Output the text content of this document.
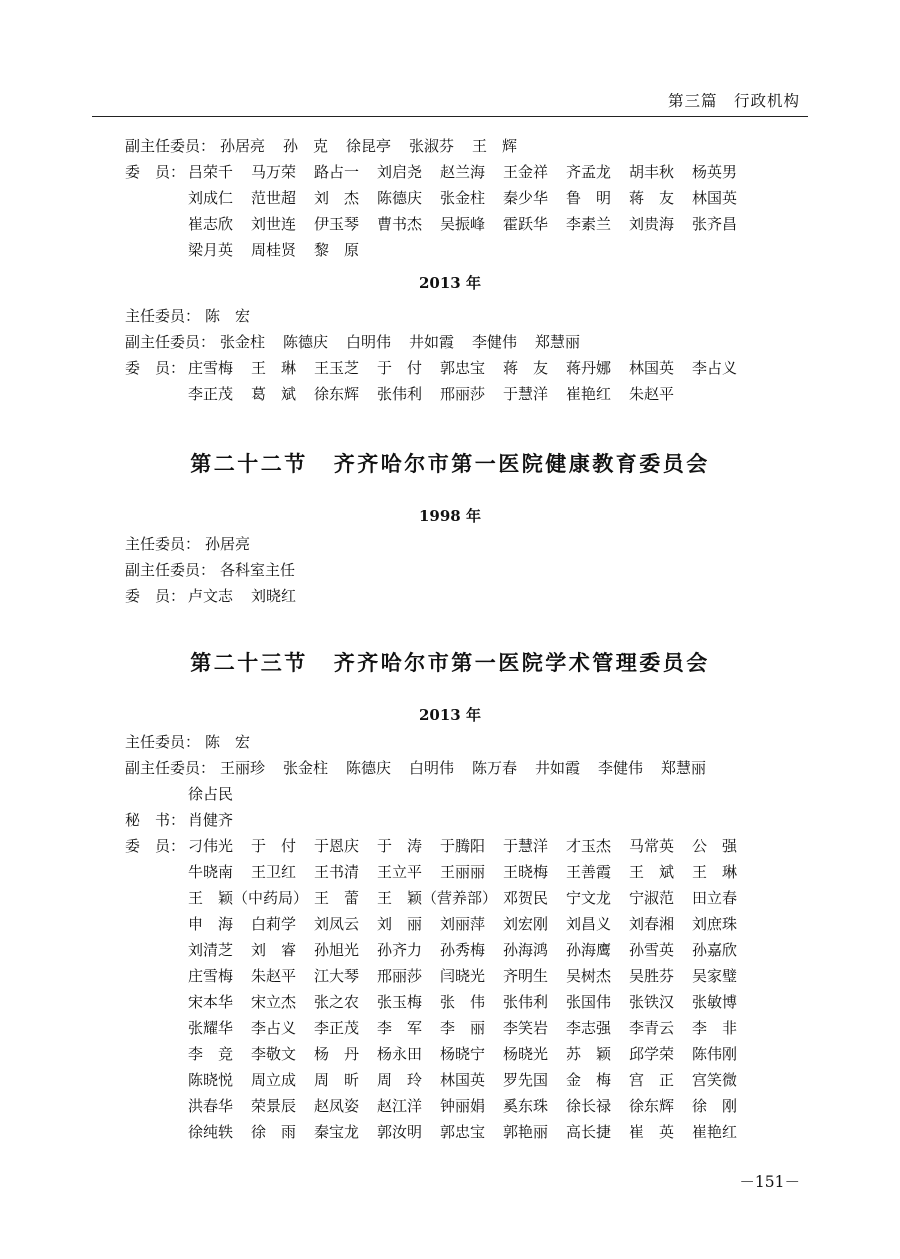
第三篇　行政机构
副主任委员： 孙居亮 孙　克 徐昆亭 张淑芬 王　辉
委　员： 吕荣千 马万荣 路占一 刘启尧 赵兰海 王金祥 齐孟龙 胡丰秋 杨英男
刘成仁 范世超 刘　杰 陈德庆 张金柱 秦少华 鲁　明 蒋　友 林国英
崔志欣 刘世连 伊玉琴 曹书杰 吴振峰 霍跃华 李素兰 刘贵海 张齐昌
梁月英 周桂贤 黎　原
2013 年
主任委员： 陈　宏
副主任委员： 张金柱 陈德庆 白明伟 井如霞 李健伟 郑慧丽
委　员： 庄雪梅 王　琳 王玉芝 于　付 郭忠宝 蒋　友 蒋丹娜 林国英 李占义
李正茂 葛　斌 徐东辉 张伟利 邢丽莎 于慧洋 崔艳红 朱赵平
第二十二节 齐齐哈尔市第一医院健康教育委员会
1998 年
主任委员： 孙居亮
副主任委员： 各科室主任
委　员： 卢文志 刘晓红
第二十三节 齐齐哈尔市第一医院学术管理委员会
2013 年
主任委员： 陈　宏
副主任委员： 王丽珍 张金柱 陈德庆 白明伟 陈万春 井如霞 李健伟 郑慧丽
徐占民
秘　书： 肖健齐
委　员： 刁伟光 于　付 于恩庆 于　涛 于腾阳 于慧洋 才玉杰 马常英 公　强
牛晓南 王卫红 王书清 王立平 王丽丽 王晓梅 王善霞 王　斌 王　琳
王　颖（中药局） 王　蕾 王　颖（营养部） 邓贺民 宁文龙 宁淑范 田立春
申　海 白莉学 刘凤云 刘　丽 刘丽萍 刘宏刚 刘昌义 刘春湘 刘庶珠
刘清芝 刘　睿 孙旭光 孙齐力 孙秀梅 孙海鸿 孙海鹰 孙雪英 孙嘉欣
庄雪梅 朱赵平 江大琴 邢丽莎 闫晓光 齐明生 吴树杰 吴胜芬 吴家璧
宋本华 宋立杰 张之农 张玉梅 张　伟 张伟利 张国伟 张铁汉 张敏博
张耀华 李占义 李正茂 李　军 李　丽 李笑岩 李志强 李青云 李　非
李　竞 李敬文 杨　丹 杨永田 杨晓宁 杨晓光 苏　颖 邱学荣 陈伟刚
陈晓悦 周立成 周　昕 周　玲 林国英 罗先国 金　梅 宫　正 宫笑微
洪春华 荣景辰 赵凤姿 赵江洋 钟丽娟 奚东珠 徐长禄 徐东辉 徐　刚
徐纯轶 徐　雨 秦宝龙 郭汝明 郭忠宝 郭艳丽 高长捷 崔　英 崔艳红
－151－
